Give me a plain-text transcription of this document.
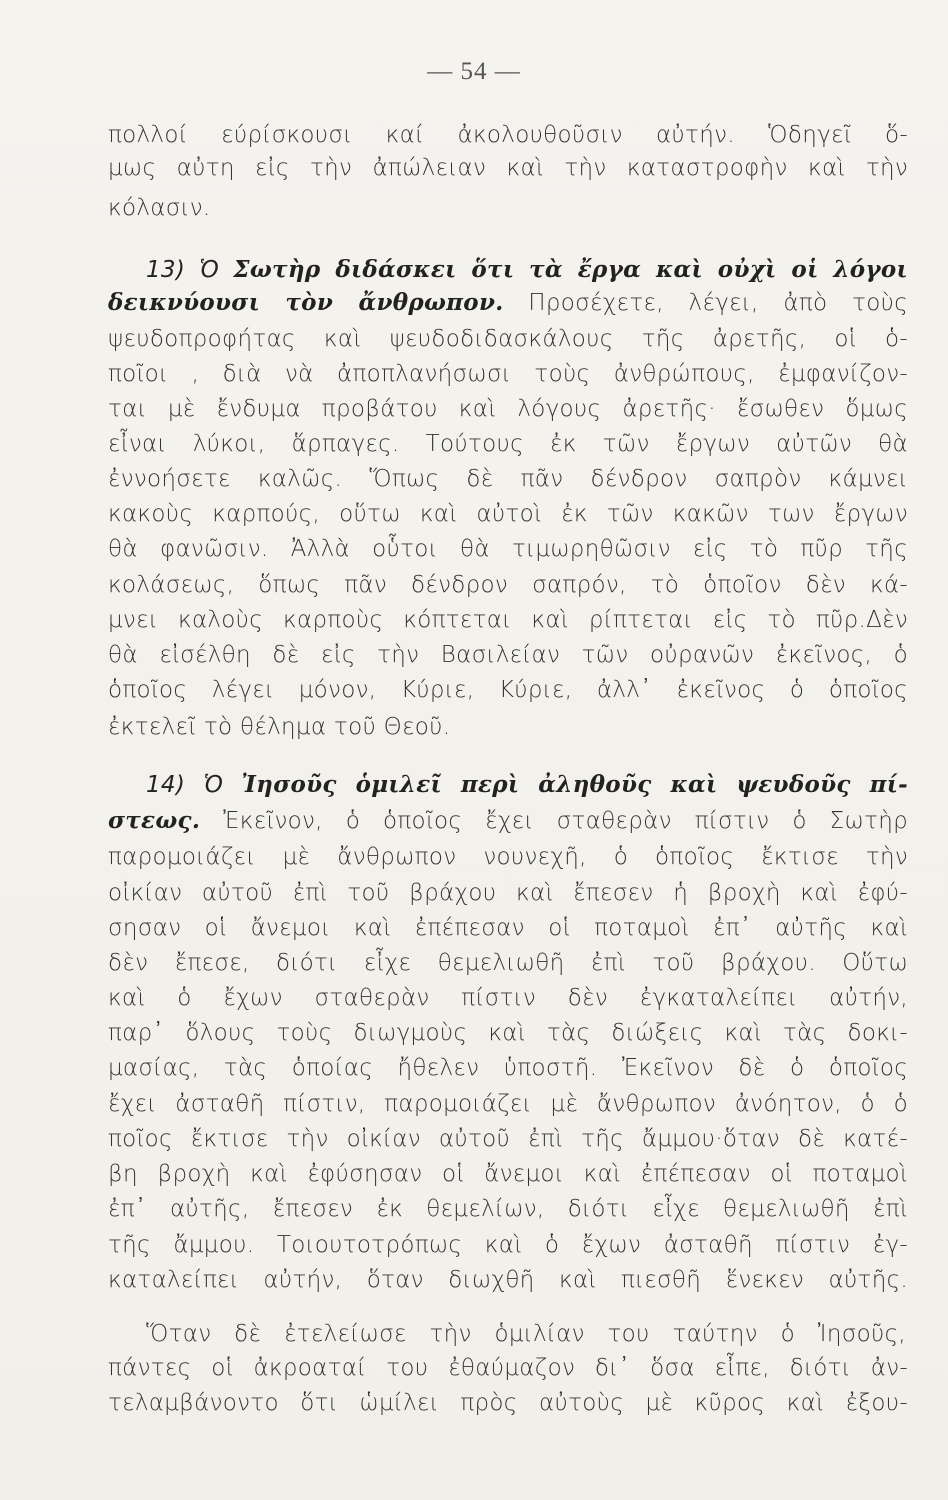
— 54 —
πολλοί εύρίσκουσι καί ἀκολουθοῦσιν αὐτήν. Ὁδηγεῖ ὅ-
μως αὐτη εἰς τὴν ἀπώλειαν καὶ τὴν καταστροφὴν καὶ τὴν
κόλασιν.
13) Ὁ Σωτὴρ διδάσκει ὅτι τὰ ἔργα καὶ οὐχὶ οἱ λόγοι
δεικνύουσι τὸν ἄνθρωπον. Προσέχετε, λέγει, ἀπὸ τοὺς
ψευδοπροφήτας καὶ ψευδοδιδασκάλους τῆς ἀρετῆς, οἱ ὁ-
ποῖοι , διὰ νὰ ἀποπλανήσωσι τοὺς ἀνθρώπους, ἐμφανίζον-
ται μὲ ἔνδυμα προβάτου καὶ λόγους ἀρετῆς· ἔσωθεν ὅμως
εἶναι λύκοι, ἅρπαγες. Τούτους ἐκ τῶν ἔργων αὐτῶν θὰ
ἐννοήσετε καλῶς. Ὅπως δὲ πᾶν δένδρον σαπρὸν κάμνει
κακοὺς καρπούς, οὕτω καὶ αὐτοὶ ἐκ τῶν κακῶν των ἔργων
θὰ φανῶσιν. Ἀλλὰ οὗτοι θὰ τιμωρηθῶσιν εἰς τὸ πῦρ τῆς
κολάσεως, ὅπως πᾶν δένδρον σαπρόν, τὸ ὁποῖον δὲν κά-
μνει καλοὺς καρποὺς κόπτεται καὶ ρίπτεται εἰς τὸ πῦρ.Δὲν
θὰ εἰσέλθη δὲ εἰς τὴν Βασιλείαν τῶν οὐρανῶν ἐκεῖνος, ὁ
ὁποῖος λέγει μόνον, Κύριε, Κύριε, ἀλλ᾽ ἐκεῖνος ὁ ὁποῖος
ἐκτελεῖ τὸ θέλημα τοῦ Θεοῦ.
14) Ὁ Ἰησοῦς ὁμιλεῖ περὶ ἀληθοῦς καὶ ψευδοῦς πί-
στεως. Ἐκεῖνον, ὁ ὁποῖος ἔχει σταθερὰν πίστιν ὁ Σωτὴρ
παρομοιάζει μὲ ἄνθρωπον νουνεχῆ, ὁ ὁποῖος ἔκτισε τὴν
οἰκίαν αὐτοῦ ἐπὶ τοῦ βράχου καὶ ἔπεσεν ἡ βροχὴ καὶ ἐφύ-
σησαν οἱ ἄνεμοι καὶ ἐπέπεσαν οἱ ποταμοὶ ἐπ᾽ αὐτῆς καὶ
δὲν ἔπεσε, διότι εἶχε θεμελιωθῆ ἐπὶ τοῦ βράχου. Οὕτω
καὶ ὁ ἔχων σταθερὰν πίστιν δὲν ἐγκαταλείπει αὐτήν,
παρ᾽ ὅλους τοὺς διωγμοὺς καὶ τὰς διώξεις καὶ τὰς δοκι-
μασίας, τὰς ὁποίας ἤθελεν ὑποστῆ. Ἐκεῖνον δὲ ὁ ὁποῖος
ἔχει ἀσταθῆ πίστιν, παρομοιάζει μὲ ἄνθρωπον ἀνόητον, ὁ ὁ
ποῖος ἔκτισε τὴν οἰκίαν αὐτοῦ ἐπὶ τῆς ἄμμου·ὅταν δὲ κατέ-
βη βροχὴ καὶ ἐφύσησαν οἱ ἄνεμοι καὶ ἐπέπεσαν οἱ ποταμοὶ
ἐπ᾽ αὐτῆς, ἔπεσεν ἐκ θεμελίων, διότι εἶχε θεμελιωθῆ ἐπὶ
τῆς ἄμμου. Τοιουτοτρόπως καὶ ὁ ἔχων ἀσταθῆ πίστιν ἐγ-
καταλείπει αὐτήν, ὅταν διωχθῆ καὶ πιεσθῆ ἕνεκεν αὐτῆς.
Ὅταν δὲ ἐτελείωσε τὴν ὁμιλίαν του ταύτην ὁ Ἰησοῦς,
πάντες οἱ ἀκροαταί του ἐθαύμαζον δι᾽ ὅσα εἶπε, διότι ἀν-
τελαμβάνοντο ὅτι ὡμίλει πρὸς αὐτοὺς μὲ κῦρος καὶ ἐξου-
